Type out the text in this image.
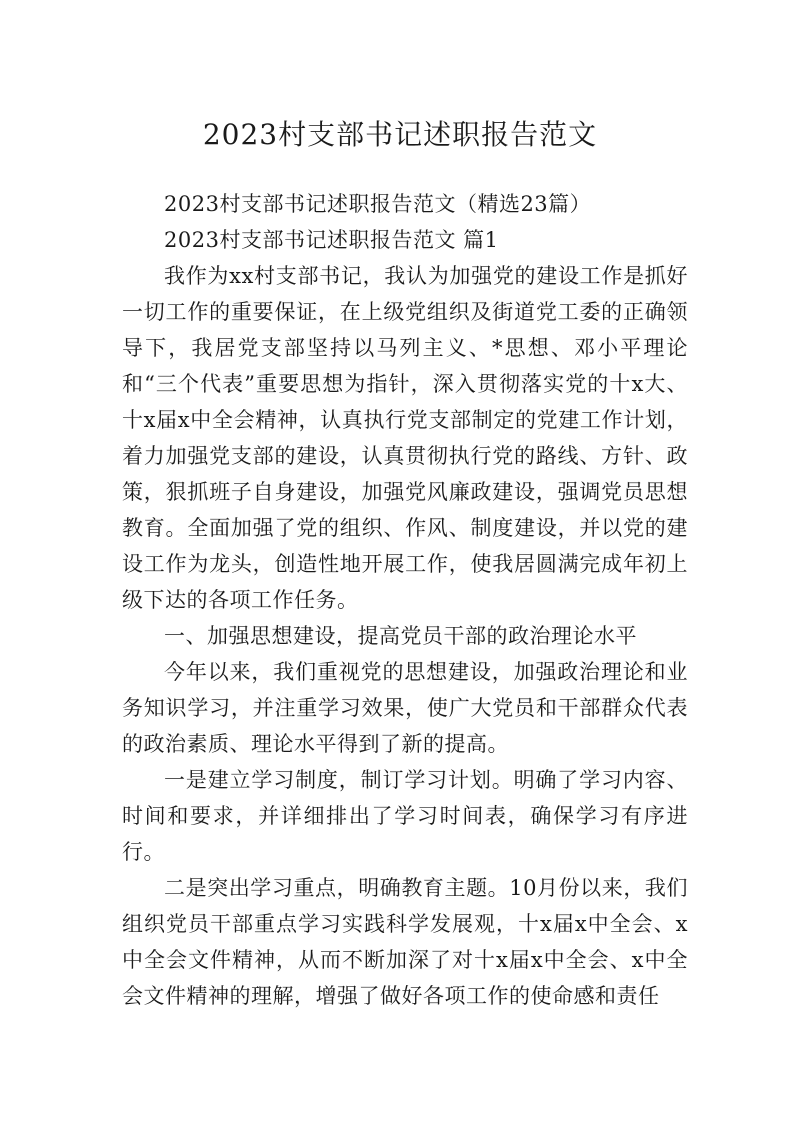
2023村支部书记述职报告范文

2023村支部书记述职报告范文（精选23篇）

2023村支部书记述职报告范文 篇1

我作为xx村支部书记，我认为加强党的建设工作是抓好一切工作的重要保证，在上级党组织及街道党工委的正确领导下，我居党支部坚持以马列主义、*思想、邓小平理论和“三个代表”重要思想为指针，深入贯彻落实党的十x大、十x届x中全会精神，认真执行党支部制定的党建工作计划，着力加强党支部的建设，认真贯彻执行党的路线、方针、政策，狠抓班子自身建设，加强党风廉政建设，强调党员思想教育。全面加强了党的组织、作风、制度建设，并以党的建设工作为龙头，创造性地开展工作，使我居圆满完成年初上级下达的各项工作任务。

一、加强思想建设，提高党员干部的政治理论水平

今年以来，我们重视党的思想建设，加强政治理论和业务知识学习，并注重学习效果，使广大党员和干部群众代表的政治素质、理论水平得到了新的提高。

一是建立学习制度，制订学习计划。明确了学习内容、时间和要求，并详细排出了学习时间表，确保学习有序进行。

二是突出学习重点，明确教育主题。10月份以来，我们组织党员干部重点学习实践科学发展观，十x届x中全会、x中全会文件精神，从而不断加深了对十x届x中全会、x中全会文件精神的理解，增强了做好各项工作的使命感和责任
